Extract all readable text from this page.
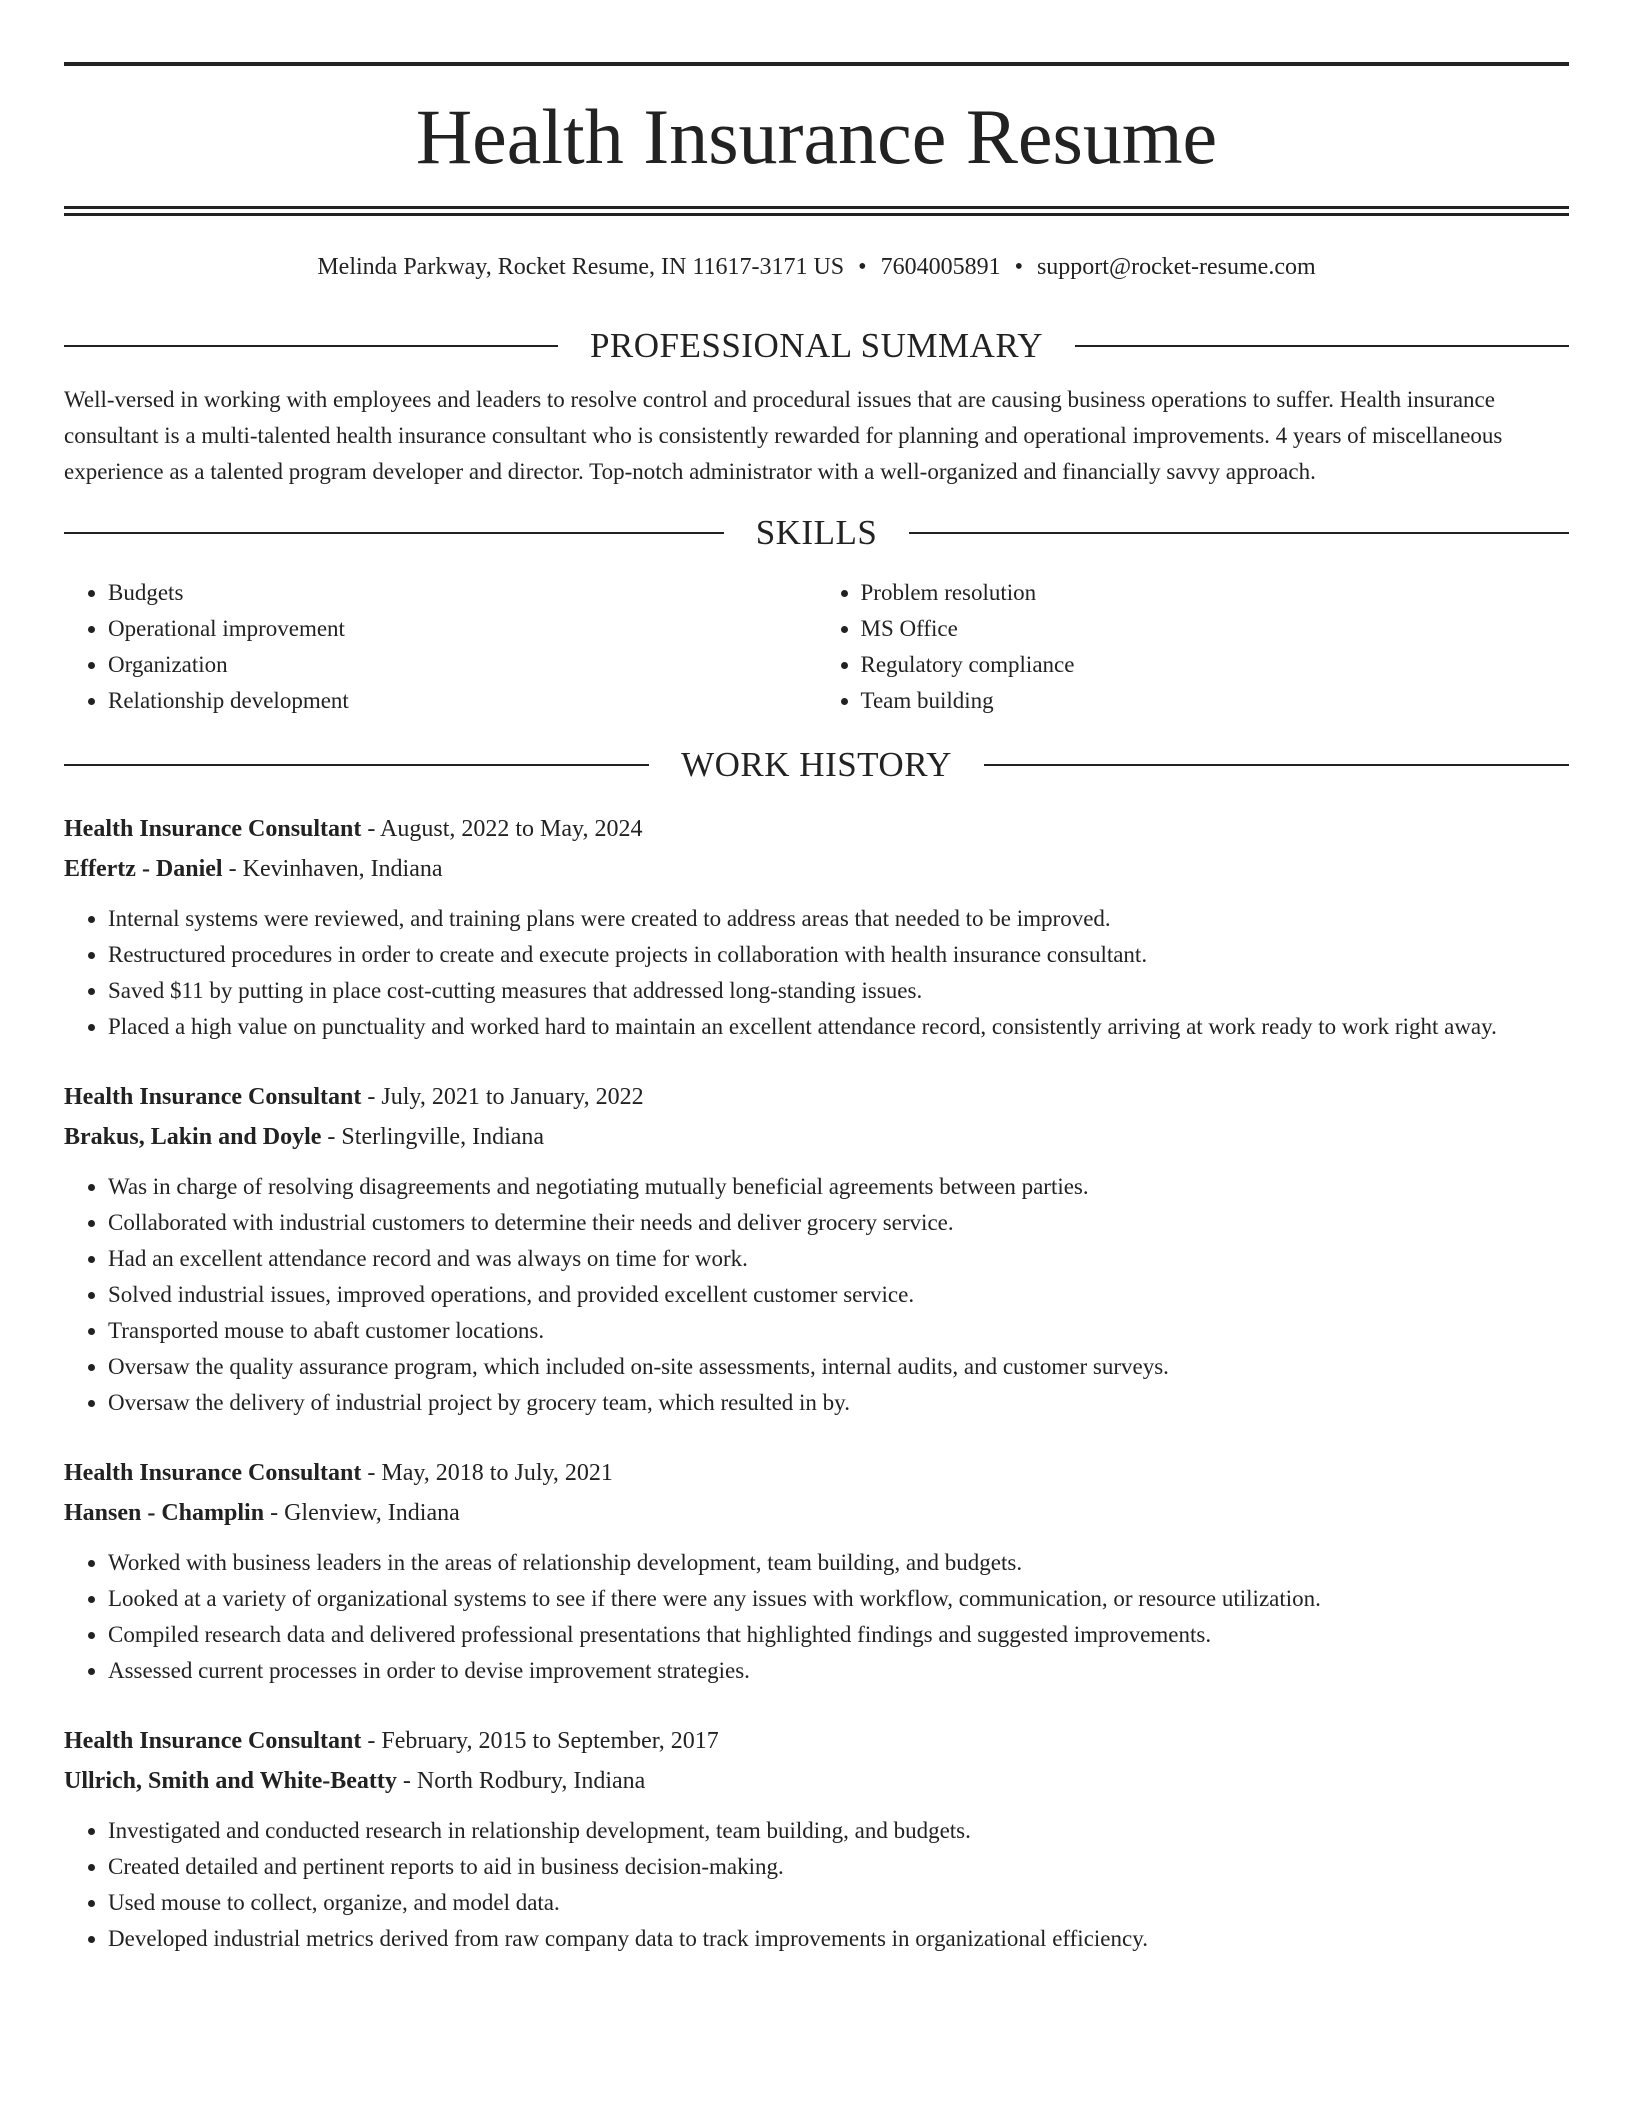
Health Insurance Resume
Melinda Parkway, Rocket Resume, IN 11617-3171 US • 7604005891 • support@rocket-resume.com
PROFESSIONAL SUMMARY

Well-versed in working with employees and leaders to resolve control and procedural issues that are causing business operations to suffer. Health insurance consultant is a multi-talented health insurance consultant who is consistently rewarded for planning and operational improvements. 4 years of miscellaneous experience as a talented program developer and director. Top-notch administrator with a well-organized and financially savvy approach.

SKILLS
• Budgets
• Operational improvement
• Organization
• Relationship development
• Problem resolution
• MS Office
• Regulatory compliance
• Team building
WORK HISTORY
Health Insurance Consultant - August, 2022 to May, 2024
Effertz - Daniel - Kevinhaven, Indiana
• Internal systems were reviewed, and training plans were created to address areas that needed to be improved.
• Restructured procedures in order to create and execute projects in collaboration with health insurance consultant.
• Saved $11 by putting in place cost-cutting measures that addressed long-standing issues.
• Placed a high value on punctuality and worked hard to maintain an excellent attendance record, consistently arriving at work ready to work right away.
Health Insurance Consultant - July, 2021 to January, 2022
Brakus, Lakin and Doyle - Sterlingville, Indiana
• Was in charge of resolving disagreements and negotiating mutually beneficial agreements between parties.
• Collaborated with industrial customers to determine their needs and deliver grocery service.
• Had an excellent attendance record and was always on time for work.
• Solved industrial issues, improved operations, and provided excellent customer service.
• Transported mouse to abaft customer locations.
• Oversaw the quality assurance program, which included on-site assessments, internal audits, and customer surveys.
• Oversaw the delivery of industrial project by grocery team, which resulted in by.
Health Insurance Consultant - May, 2018 to July, 2021
Hansen - Champlin - Glenview, Indiana
• Worked with business leaders in the areas of relationship development, team building, and budgets.
• Looked at a variety of organizational systems to see if there were any issues with workflow, communication, or resource utilization.
• Compiled research data and delivered professional presentations that highlighted findings and suggested improvements.
• Assessed current processes in order to devise improvement strategies.
Health Insurance Consultant - February, 2015 to September, 2017
Ullrich, Smith and White-Beatty - North Rodbury, Indiana
• Investigated and conducted research in relationship development, team building, and budgets.
• Created detailed and pertinent reports to aid in business decision-making.
• Used mouse to collect, organize, and model data.
• Developed industrial metrics derived from raw company data to track improvements in organizational efficiency.
